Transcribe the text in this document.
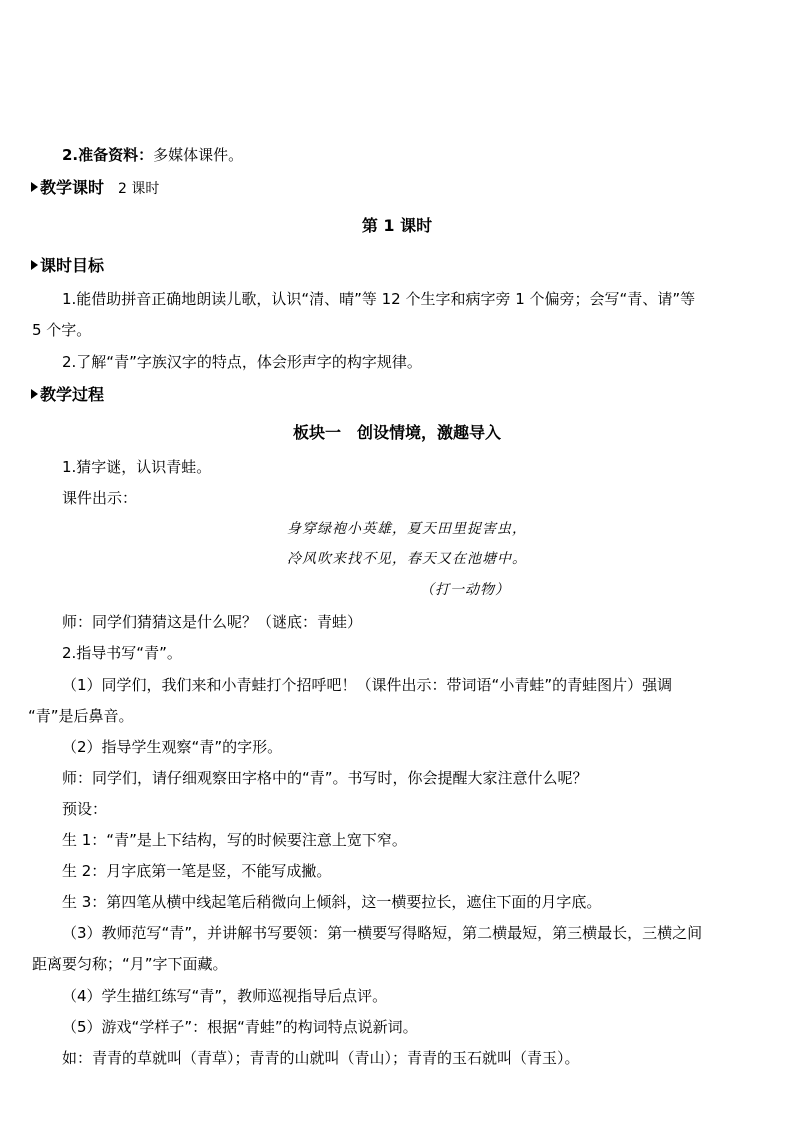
2.准备资料：多媒体课件。
教学课时 2 课时
第 1 课时
课时目标
1.能借助拼音正确地朗读儿歌，认识“清、晴”等 12 个生字和病字旁 1 个偏旁；会写“青、请”等
5 个字。
2.了解“青”字族汉字的特点，体会形声字的构字规律。
教学过程
板块一　创设情境，激趣导入
1.猜字谜，认识青蛙。
课件出示：
身穿绿袍小英雄，夏天田里捉害虫，
冷风吹来找不见，春天又在池塘中。
（打一动物）
师：同学们猜猜这是什么呢？（谜底：青蛙）
2.指导书写“青”。
（1）同学们，我们来和小青蛙打个招呼吧！（课件出示：带词语“小青蛙”的青蛙图片）强调
“青”是后鼻音。
（2）指导学生观察“青”的字形。
师：同学们，请仔细观察田字格中的“青”。书写时，你会提醒大家注意什么呢？
预设：
生 1：“青”是上下结构，写的时候要注意上宽下窄。
生 2：月字底第一笔是竖，不能写成撇。
生 3：第四笔从横中线起笔后稍微向上倾斜，这一横要拉长，遮住下面的月字底。
（3）教师范写“青”，并讲解书写要领：第一横要写得略短，第二横最短，第三横最长，三横之间
距离要匀称；“月”字下面藏。
（4）学生描红练写“青”，教师巡视指导后点评。
（5）游戏“学样子”：根据“青蛙”的构词特点说新词。
如：青青的草就叫（青草）；青青的山就叫（青山）；青青的玉石就叫（青玉）。
